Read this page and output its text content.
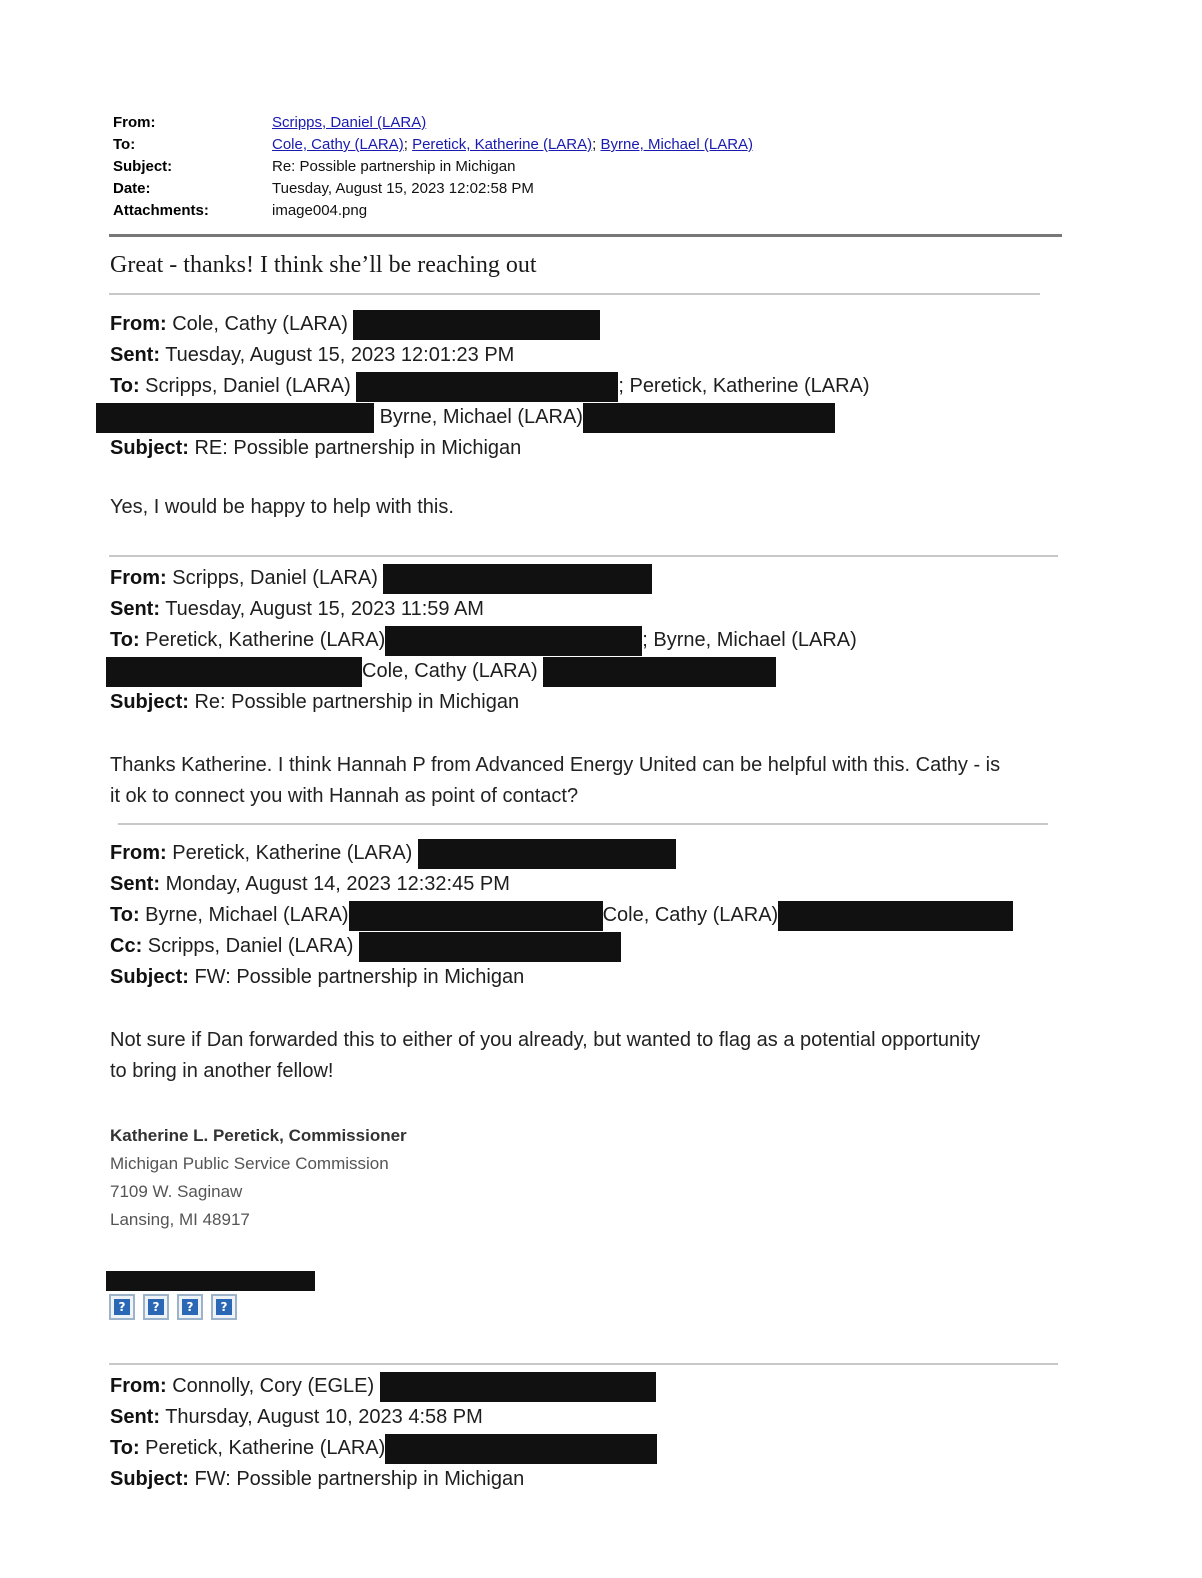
From:	Scripps, Daniel (LARA)
To:	Cole, Cathy (LARA); Peretick, Katherine (LARA); Byrne, Michael (LARA)
Subject:	Re: Possible partnership in Michigan
Date:	Tuesday, August 15, 2023 12:02:58 PM
Attachments:	image004.png
Great - thanks! I think she’ll be reaching out
From: Cole, Cathy (LARA)
Sent: Tuesday, August 15, 2023 12:01:23 PM
To: Scripps, Daniel (LARA)	; Peretick, Katherine (LARA)
Byrne, Michael (LARA)
Subject: RE: Possible partnership in Michigan
Yes, I would be happy to help with this.
From: Scripps, Daniel (LARA)
Sent: Tuesday, August 15, 2023 11:59 AM
To: Peretick, Katherine (LARA)	; Byrne, Michael (LARA)
Cole, Cathy (LARA)
Subject: Re: Possible partnership in Michigan
Thanks Katherine. I think Hannah P from Advanced Energy United can be helpful with this. Cathy - is
it ok to connect you with Hannah as point of contact?
From: Peretick, Katherine (LARA)
Sent: Monday, August 14, 2023 12:32:45 PM
To: Byrne, Michael (LARA)	Cole, Cathy (LARA)
Cc: Scripps, Daniel (LARA)
Subject: FW: Possible partnership in Michigan
Not sure if Dan forwarded this to either of you already, but wanted to flag as a potential opportunity
to bring in another fellow!
Katherine L. Peretick, Commissioner
Michigan Public Service Commission
7109 W. Saginaw
Lansing, MI 48917
?	?	?	?
From: Connolly, Cory (EGLE)
Sent: Thursday, August 10, 2023 4:58 PM
To: Peretick, Katherine (LARA)
Subject: FW: Possible partnership in Michigan
